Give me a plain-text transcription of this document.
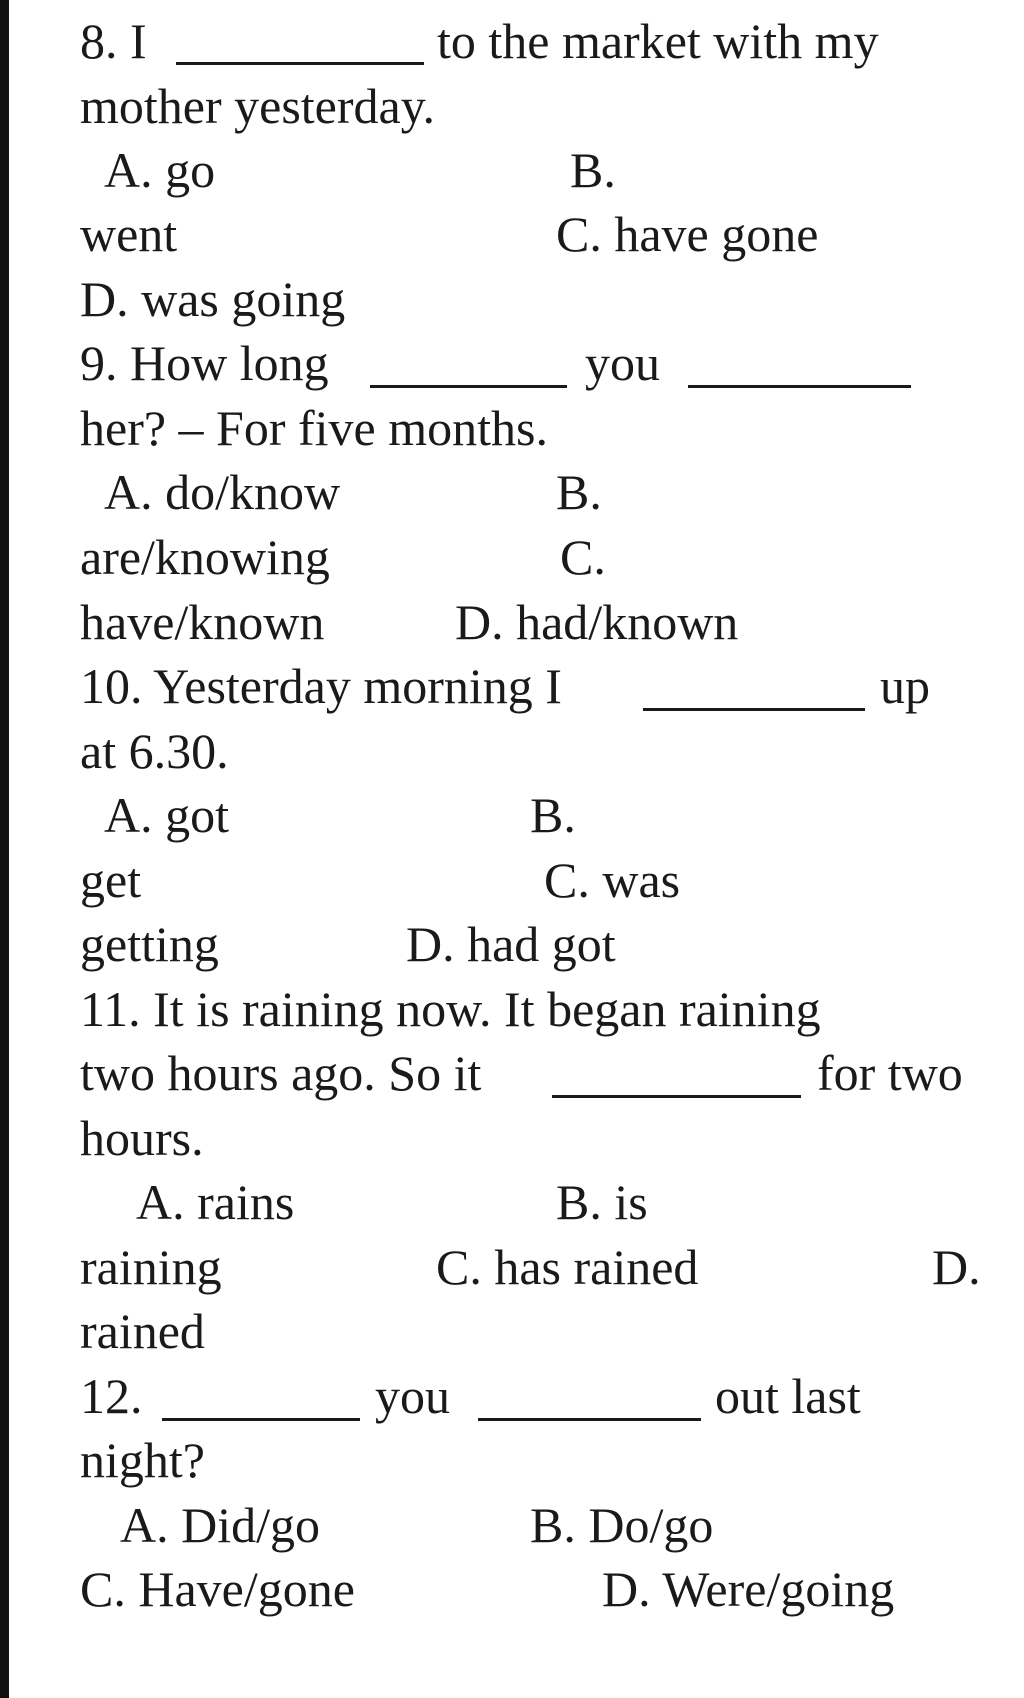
8. I	to the market with my
mother yesterday.
A. go	B.
went	C. have gone
D. was going
9. How long	you
her? – For five months.
A. do/know	B.
are/knowing	C.
have/known	D. had/known
10. Yesterday morning I	up
at 6.30.
A. got	B.
get	C. was
getting	D. had got
11. It is raining now. It began raining
two hours ago. So it	for two
hours.
A. rains	B. is
raining	C. has rained	D.
rained
12.	you	out last
night?
A. Did/go	B. Do/go
C. Have/gone	D. Were/going
